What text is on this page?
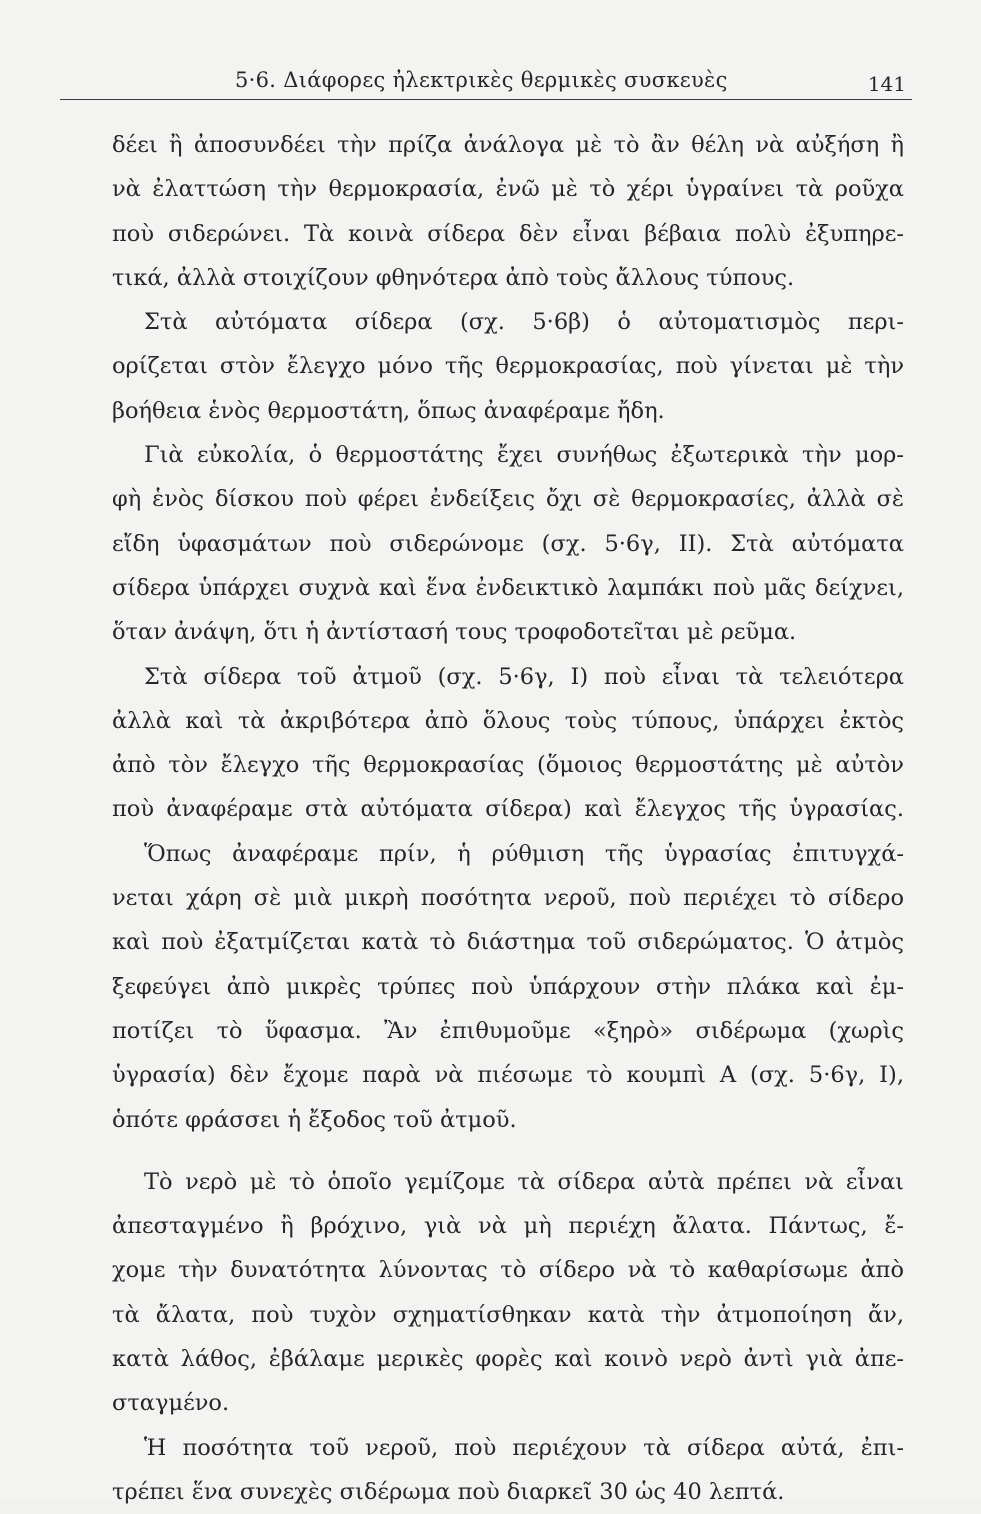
5·6. Διάφορες ἠλεκτρικὲς θερμικὲς συσκευὲς	141
δέει ἢ ἀποσυνδέει τὴν πρίζα ἀνάλογα μὲ τὸ ἂν θέλη νὰ αὐξήση ἢ
νὰ ἐλαττώση τὴν θερμοκρασία, ἐνῶ μὲ τὸ χέρι ὑγραίνει τὰ ροῦχα
ποὺ σιδερώνει. Τὰ κοινὰ σίδερα δὲν εἶναι βέβαια πολὺ ἐξυπηρε-
τικά, ἀλλὰ στοιχίζουν φθηνότερα ἀπὸ τοὺς ἄλλους τύπους.
Στὰ αὐτόματα σίδερα (σχ. 5·6β) ὁ αὐτοματισμὸς περι-
ορίζεται στὸν ἔλεγχο μόνο τῆς θερμοκρασίας, ποὺ γίνεται μὲ τὴν
βοήθεια ἑνὸς θερμοστάτη, ὅπως ἀναφέραμε ἤδη.
Γιὰ εὐκολία, ὁ θερμοστάτης ἔχει συνήθως ἐξωτερικὰ τὴν μορ-
φὴ ἑνὸς δίσκου ποὺ φέρει ἐνδείξεις ὄχι σὲ θερμοκρασίες, ἀλλὰ σὲ
εἴδη ὑφασμάτων ποὺ σιδερώνομε (σχ. 5·6γ, II). Στὰ αὐτόματα
σίδερα ὑπάρχει συχνὰ καὶ ἕνα ἐνδεικτικὸ λαμπάκι ποὺ μᾶς δείχνει,
ὅταν ἀνάψη, ὅτι ἡ ἀντίστασή τους τροφοδοτεῖται μὲ ρεῦμα.
Στὰ σίδερα τοῦ ἀτμοῦ (σχ. 5·6γ, I) ποὺ εἶναι τὰ τελειότερα
ἀλλὰ καὶ τὰ ἀκριβότερα ἀπὸ ὅλους τοὺς τύπους, ὑπάρχει ἐκτὸς
ἀπὸ τὸν ἔλεγχο τῆς θερμοκρασίας (ὅμοιος θερμοστάτης μὲ αὐτὸν
ποὺ ἀναφέραμε στὰ αὐτόματα σίδερα) καὶ ἔλεγχος τῆς ὑγρασίας.
Ὅπως ἀναφέραμε πρίν, ἡ ρύθμιση τῆς ὑγρασίας ἐπιτυγχά-
νεται χάρη σὲ μιὰ μικρὴ ποσότητα νεροῦ, ποὺ περιέχει τὸ σίδερο
καὶ ποὺ ἐξατμίζεται κατὰ τὸ διάστημα τοῦ σιδερώματος. Ὁ ἀτμὸς
ξεφεύγει ἀπὸ μικρὲς τρύπες ποὺ ὑπάρχουν στὴν πλάκα καὶ ἐμ-
ποτίζει τὸ ὕφασμα. Ἂν ἐπιθυμοῦμε «ξηρὸ» σιδέρωμα (χωρὶς
ὑγρασία) δὲν ἔχομε παρὰ νὰ πιέσωμε τὸ κουμπὶ Α (σχ. 5·6γ, I),
ὁπότε φράσσει ἡ ἔξοδος τοῦ ἀτμοῦ.
Τὸ νερὸ μὲ τὸ ὁποῖο γεμίζομε τὰ σίδερα αὐτὰ πρέπει νὰ εἶναι
ἀπεσταγμένο ἢ βρόχινο, γιὰ νὰ μὴ περιέχη ἄλατα. Πάντως, ἔ-
χομε τὴν δυνατότητα λύνοντας τὸ σίδερο νὰ τὸ καθαρίσωμε ἀπὸ
τὰ ἄλατα, ποὺ τυχὸν σχηματίσθηκαν κατὰ τὴν ἀτμοποίηση ἄν,
κατὰ λάθος, ἐβάλαμε μερικὲς φορὲς καὶ κοινὸ νερὸ ἀντὶ γιὰ ἀπε-
σταγμένο.
Ἡ ποσότητα τοῦ νεροῦ, ποὺ περιέχουν τὰ σίδερα αὐτά, ἐπι-
τρέπει ἕνα συνεχὲς σιδέρωμα ποὺ διαρκεῖ 30 ὡς 40 λεπτά.
